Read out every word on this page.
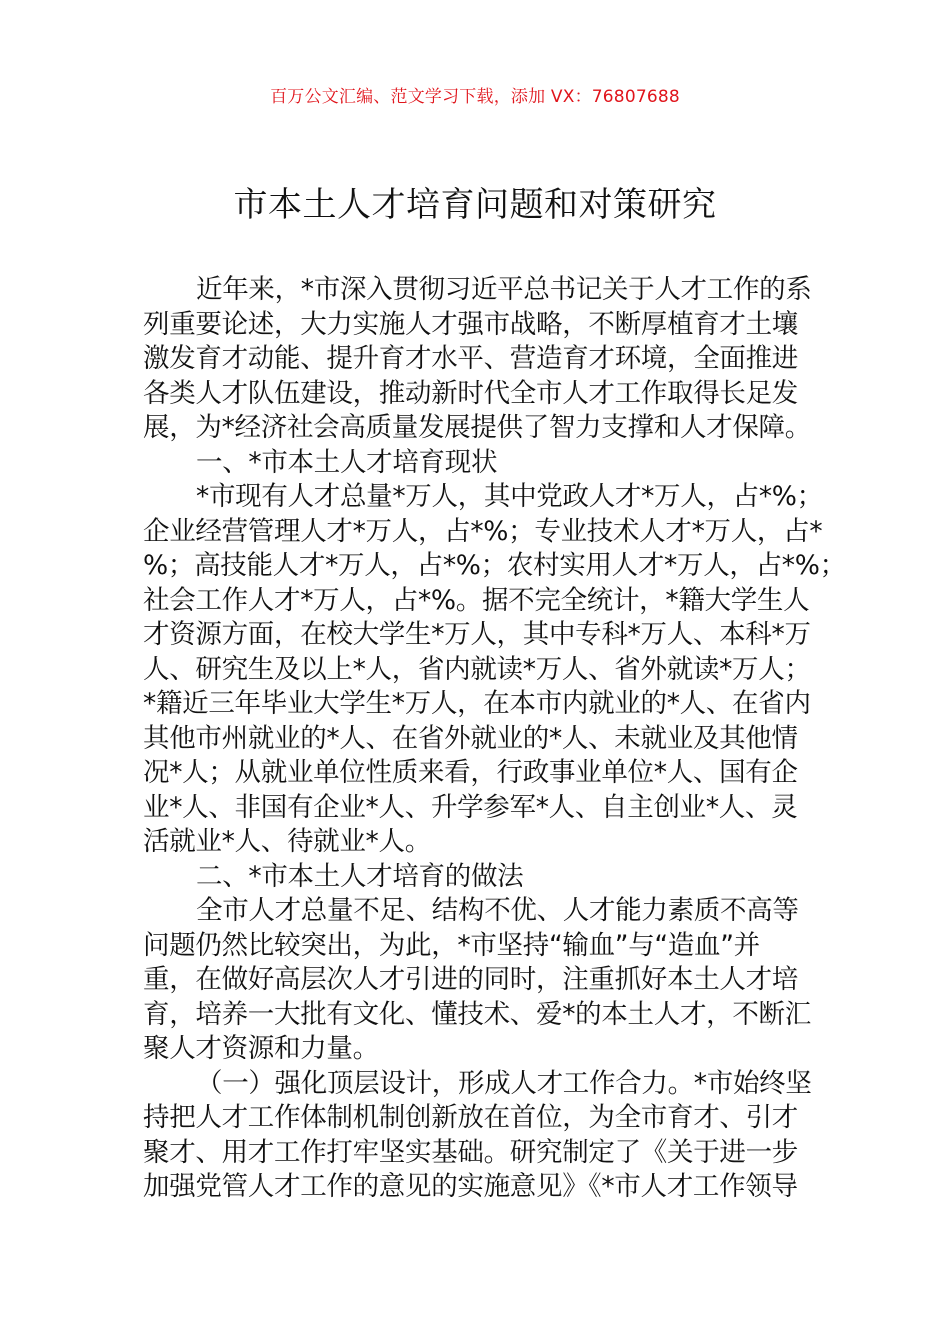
百万公文汇编、范文学习下载，添加 VX：76807688
市本土人才培育问题和对策研究
近年来，*市深入贯彻习近平总书记关于人才工作的系
列重要论述，大力实施人才强市战略，不断厚植育才土壤
激发育才动能、提升育才水平、营造育才环境，全面推进
各类人才队伍建设，推动新时代全市人才工作取得长足发
展，为*经济社会高质量发展提供了智力支撑和人才保障。
一、*市本土人才培育现状
*市现有人才总量*万人，其中党政人才*万人，占*%；
企业经营管理人才*万人，占*%；专业技术人才*万人，占*
%；高技能人才*万人，占*%；农村实用人才*万人，占*%；
社会工作人才*万人，占*%。据不完全统计，*籍大学生人
才资源方面，在校大学生*万人，其中专科*万人、本科*万
人、研究生及以上*人，省内就读*万人、省外就读*万人；
*籍近三年毕业大学生*万人，在本市内就业的*人、在省内
其他市州就业的*人、在省外就业的*人、未就业及其他情
况*人；从就业单位性质来看，行政事业单位*人、国有企
业*人、非国有企业*人、升学参军*人、自主创业*人、灵
活就业*人、待就业*人。
二、*市本土人才培育的做法
全市人才总量不足、结构不优、人才能力素质不高等
问题仍然比较突出，为此，*市坚持“输血”与“造血”并
重，在做好高层次人才引进的同时，注重抓好本土人才培
育，培养一大批有文化、懂技术、爱*的本土人才，不断汇
聚人才资源和力量。
（一）强化顶层设计，形成人才工作合力。*市始终坚
持把人才工作体制机制创新放在首位，为全市育才、引才
聚才、用才工作打牢坚实基础。研究制定了《关于进一步
加强党管人才工作的意见的实施意见》《*市人才工作领导
